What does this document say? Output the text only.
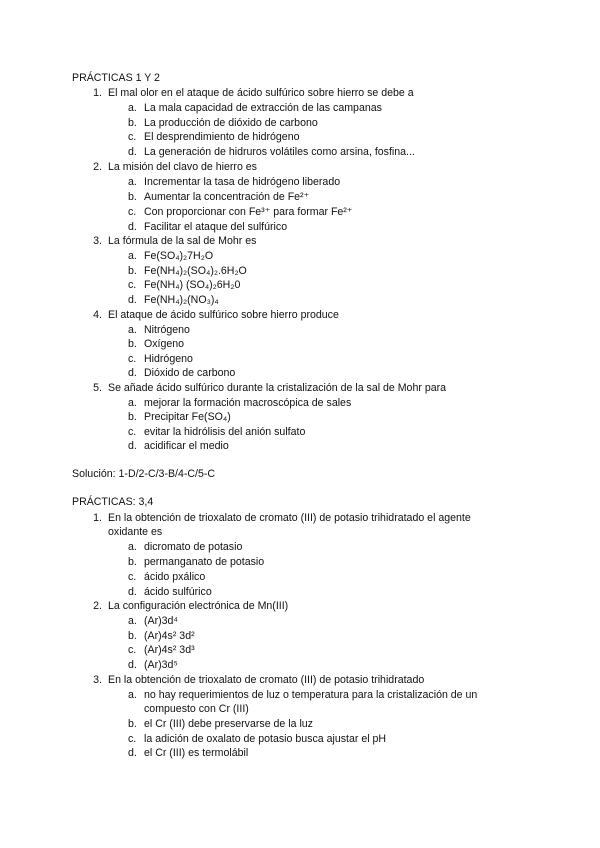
PRÁCTICAS 1 Y 2
1. El mal olor en el ataque de ácido sulfúrico sobre hierro se debe a
a. La mala capacidad de extracción de las campanas
b. La producción de dióxido de carbono
c. El desprendimiento de hidrógeno
d. La generación de hidruros volátiles como arsina, fosfina...
2. La misión del clavo de hierro es
a. Incrementar la tasa de hidrógeno liberado
b. Aumentar la concentración de Fe²⁺
c. Con proporcionar con Fe³⁺ para formar Fe²⁺
d. Facilitar el ataque del sulfúrico
3. La fórmula de la sal de Mohr es
a. Fe(SO₄)₂7H₂O
b. Fe(NH₄)₂(SO₄)₂.6H₂O
c. Fe(NH₄) (SO₄)₂6H₂0
d. Fe(NH₄)₂(NO₃)₄
4. El ataque de ácido sulfúrico sobre hierro produce
a. Nitrógeno
b. Oxígeno
c. Hidrógeno
d. Dióxido de carbono
5. Se añade ácido sulfúrico durante la cristalización de la sal de Mohr para
a. mejorar la formación macroscópica de sales
b. Precipitar Fe(SO₄)
c. evitar la hidrólisis del anión sulfato
d. acidificar el medio
Solución: 1-D/2-C/3-B/4-C/5-C
PRÁCTICAS: 3,4
1. En la obtención de trioxalato de cromato (III) de potasio trihidratado el agente
oxidante es
a. dicromato de potasio
b. permanganato de potasio
c. ácido pxálico
d. ácido sulfúrico
2. La configuración electrónica de Mn(III)
a. (Ar)3d⁴
b. (Ar)4s² 3d²
c. (Ar)4s² 3d³
d. (Ar)3d⁵
3. En la obtención de trioxalato de cromato (III) de potasio trihidratado
a. no hay requerimientos de luz o temperatura para la cristalización de un
compuesto con Cr (III)
b. el Cr (III) debe preservarse de la luz
c. la adición de oxalato de potasio busca ajustar el pH
d. el Cr (III) es termolábil
